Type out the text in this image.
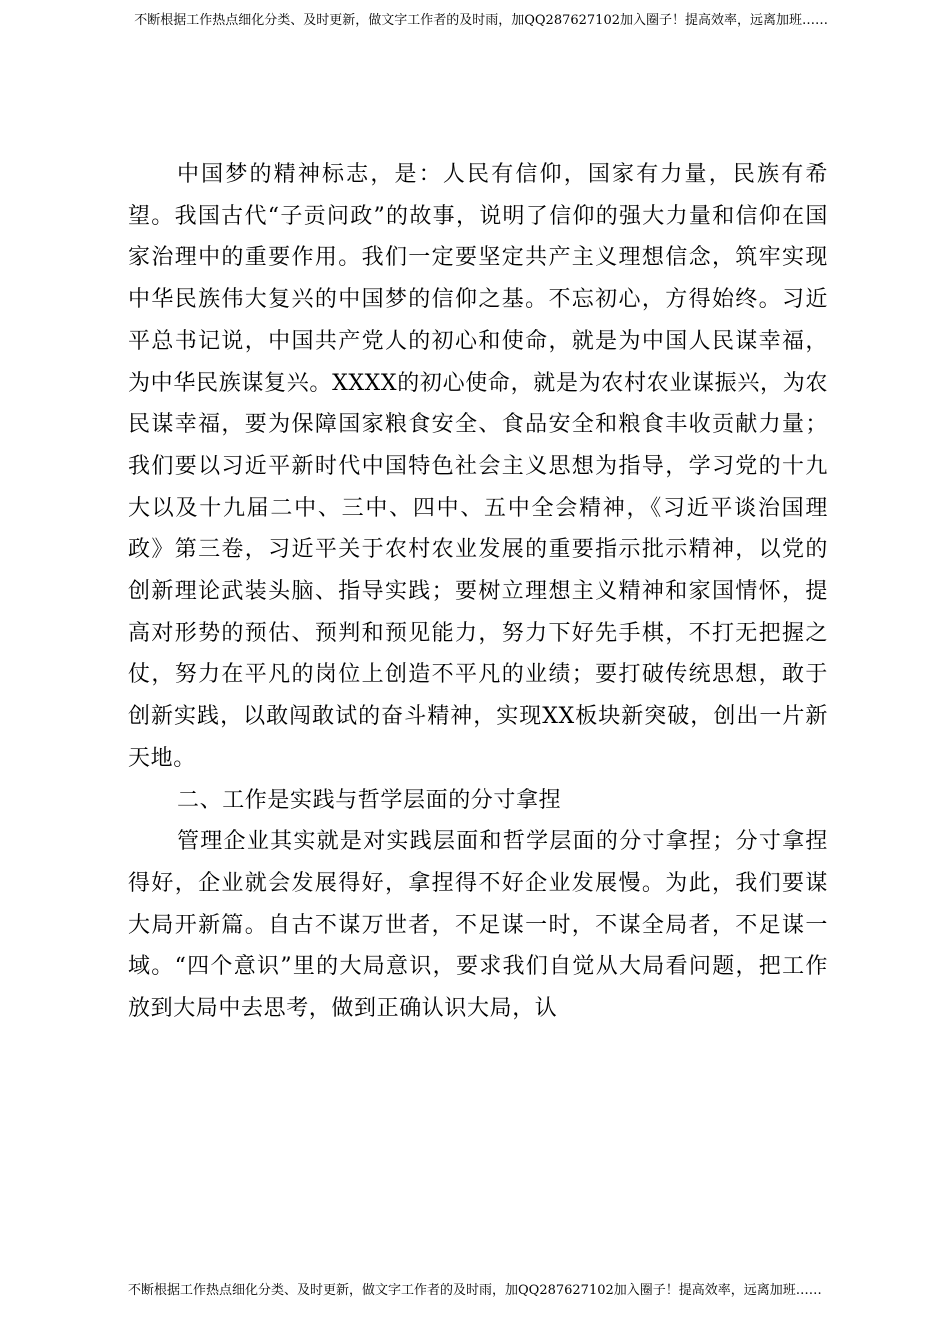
不断根据工作热点细化分类、及时更新，做文字工作者的及时雨，加QQ287627102加入圈子！提高效率，远离加班……

中国梦的精神标志，是：人民有信仰，国家有力量，民族有希望。我国古代“子贡问政”的故事，说明了信仰的强大力量和信仰在国家治理中的重要作用。我们一定要坚定共产主义理想信念，筑牢实现中华民族伟大复兴的中国梦的信仰之基。不忘初心，方得始终。习近平总书记说，中国共产党人的初心和使命，就是为中国人民谋幸福，为中华民族谋复兴。XXXX的初心使命，就是为农村农业谋振兴，为农民谋幸福，要为保障国家粮食安全、食品安全和粮食丰收贡献力量；我们要以习近平新时代中国特色社会主义思想为指导，学习党的十九大以及十九届二中、三中、四中、五中全会精神，《习近平谈治国理政》第三卷，习近平关于农村农业发展的重要指示批示精神，以党的创新理论武装头脑、指导实践；要树立理想主义精神和家国情怀，提高对形势的预估、预判和预见能力，努力下好先手棋，不打无把握之仗，努力在平凡的岗位上创造不平凡的业绩；要打破传统思想，敢于创新实践，以敢闯敢试的奋斗精神，实现XX板块新突破，创出一片新天地。

二、工作是实践与哲学层面的分寸拿捏

管理企业其实就是对实践层面和哲学层面的分寸拿捏；分寸拿捏得好，企业就会发展得好，拿捏得不好企业发展慢。为此，我们要谋大局开新篇。自古不谋万世者，不足谋一时，不谋全局者，不足谋一域。“四个意识”里的大局意识，要求我们自觉从大局看问题，把工作放到大局中去思考，做到正确认识大局，认

不断根据工作热点细化分类、及时更新，做文字工作者的及时雨，加QQ287627102加入圈子！提高效率，远离加班……
